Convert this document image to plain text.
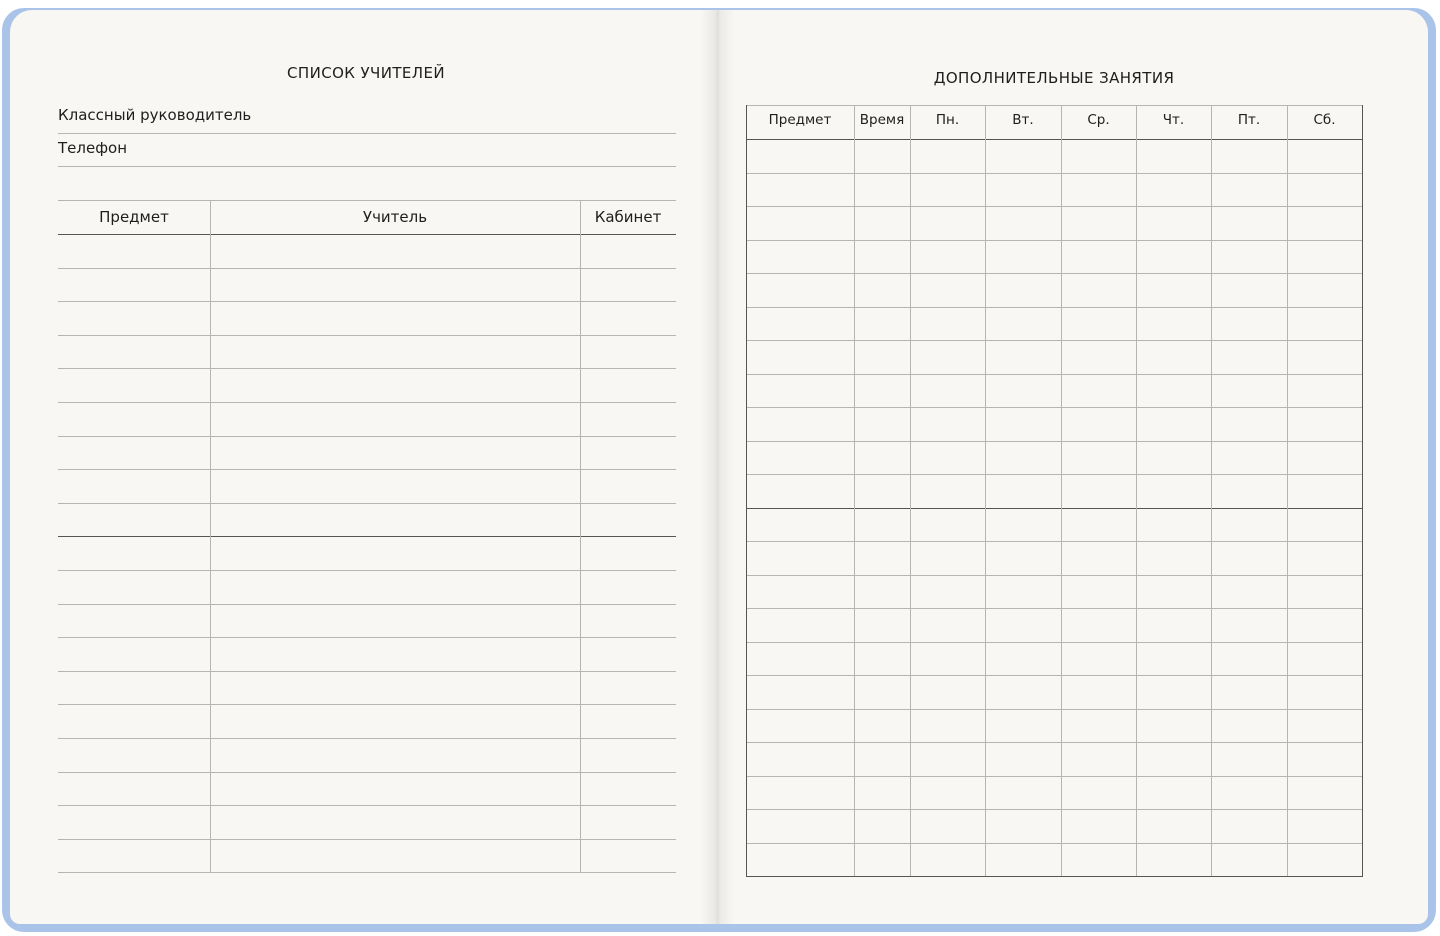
СПИСОК УЧИТЕЛЕЙ
Классный руководитель
Телефон
ДОПОЛНИТЕЛЬНЫЕ ЗАНЯТИЯ
Предмет	Учитель	Кабинет
Предмет	Время	Пн.	Вт.	Ср.	Чт.	Пт.	Сб.
